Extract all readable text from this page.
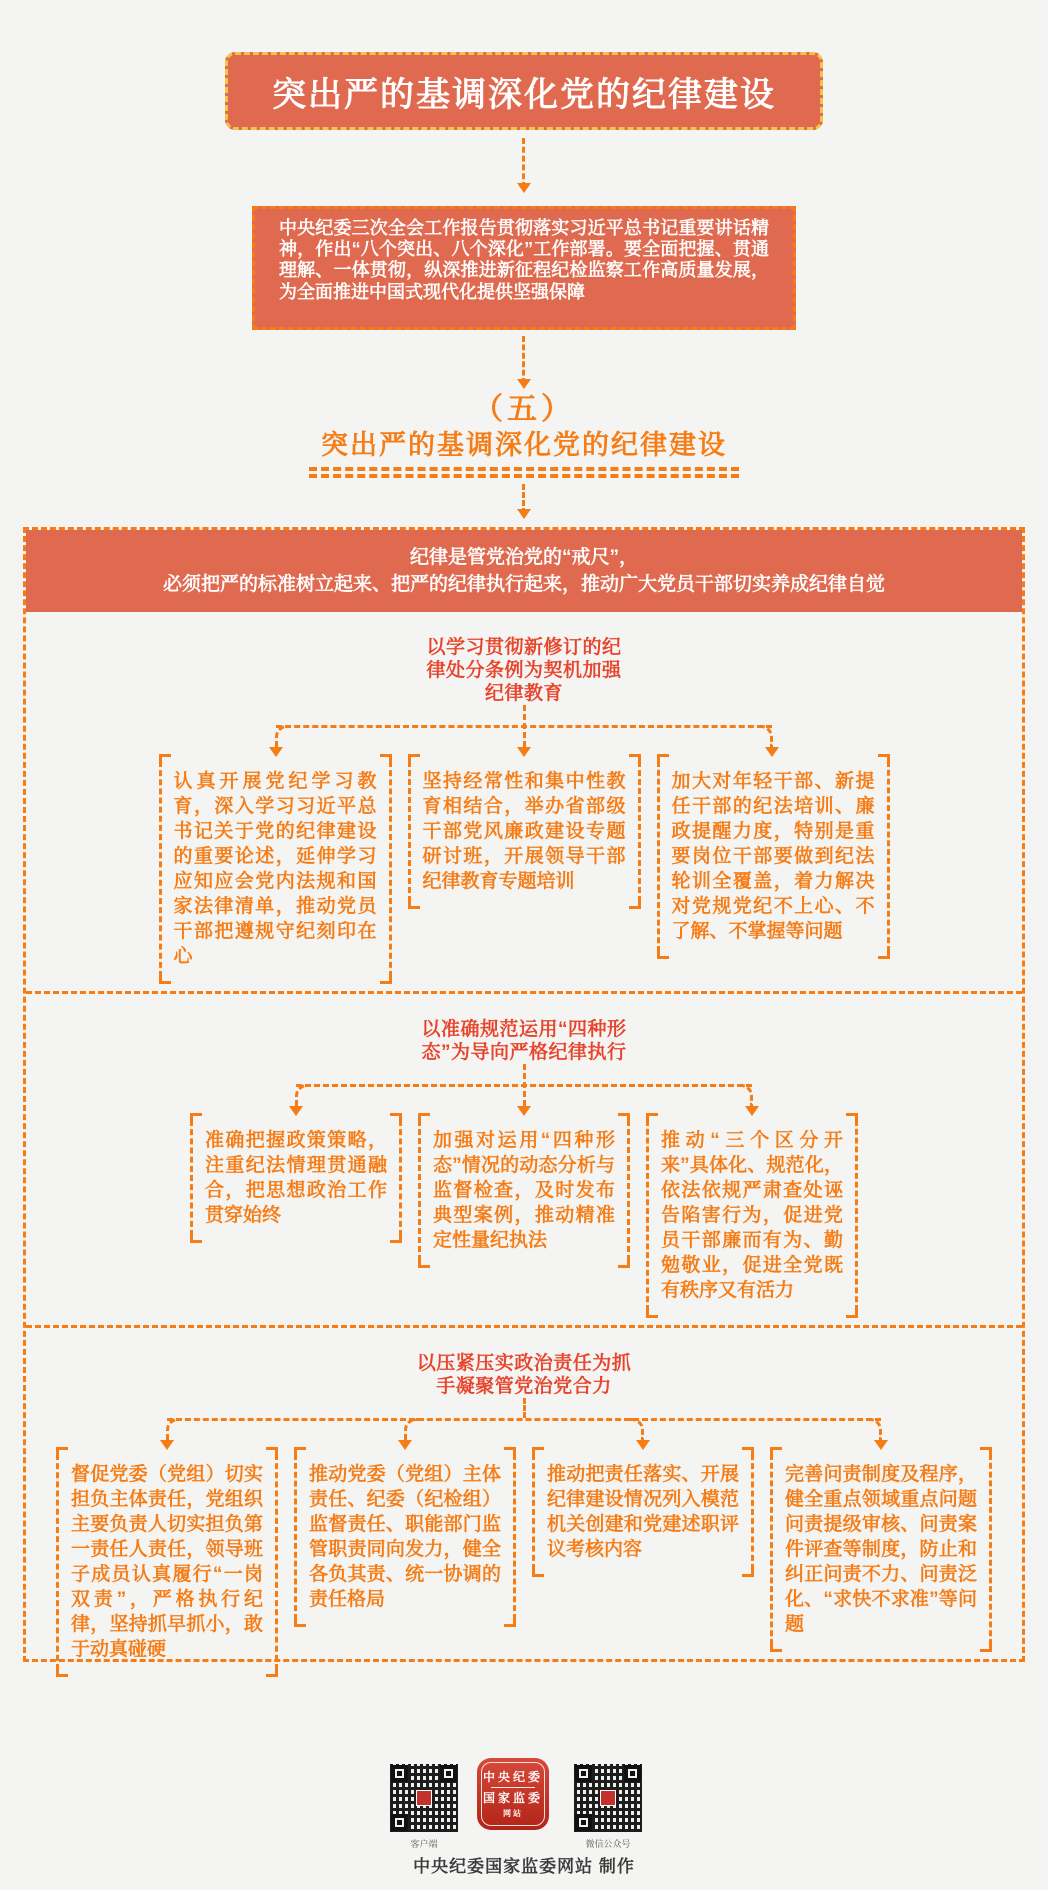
突出严的基调深化党的纪律建设
中央纪委三次全会工作报告贯彻落实习近平总书记重要讲话精神，作出“八个突出、八个深化”工作部署。要全面把握、贯通理解、一体贯彻，纵深推进新征程纪检监察工作高质量发展，为全面推进中国式现代化提供坚强保障
（五）
突出严的基调深化党的纪律建设
纪律是管党治党的“戒尺”，
必须把严的标准树立起来、把严的纪律执行起来，推动广大党员干部切实养成纪律自觉
以学习贯彻新修订的纪律处分条例为契机加强纪律教育

认真开展党纪学习教育，深入学习习近平总书记关于党的纪律建设的重要论述，延伸学习应知应会党内法规和国家法律清单，推动党员干部把遵规守纪刻印在心

坚持经常性和集中性教育相结合，举办省部级干部党风廉政建设专题研讨班，开展领导干部纪律教育专题培训

加大对年轻干部、新提任干部的纪法培训、廉政提醒力度，特别是重要岗位干部要做到纪法轮训全覆盖，着力解决对党规党纪不上心、不了解、不掌握等问题

以准确规范运用“四种形态”为导向严格纪律执行

准确把握政策策略，注重纪法情理贯通融合，把思想政治工作贯穿始终

加强对运用“四种形态”情况的动态分析与监督检查，及时发布典型案例，推动精准定性量纪执法

推动“三个区分开来”具体化、规范化，依法依规严肃查处诬告陷害行为，促进党员干部廉而有为、勤勉敬业，促进全党既有秩序又有活力

以压紧压实政治责任为抓手凝聚管党治党合力

督促党委（党组）切实担负主体责任，党组织主要负责人切实担负第一责任人责任，领导班子成员认真履行“一岗双责”，严格执行纪律，坚持抓早抓小，敢于动真碰硬

推动党委（党组）主体责任、纪委（纪检组）监督责任、职能部门监管职责同向发力，健全各负其责、统一协调的责任格局

推动把责任落实、开展纪律建设情况列入模范机关创建和党建述职评议考核内容

完善问责制度及程序，健全重点领域重点问题问责提级审核、问责案件评查等制度，防止和纠正问责不力、问责泛化、“求快不求准”等问题

客户端
中央纪委
国家监委
网站
微信公众号
中央纪委国家监委网站 制作
